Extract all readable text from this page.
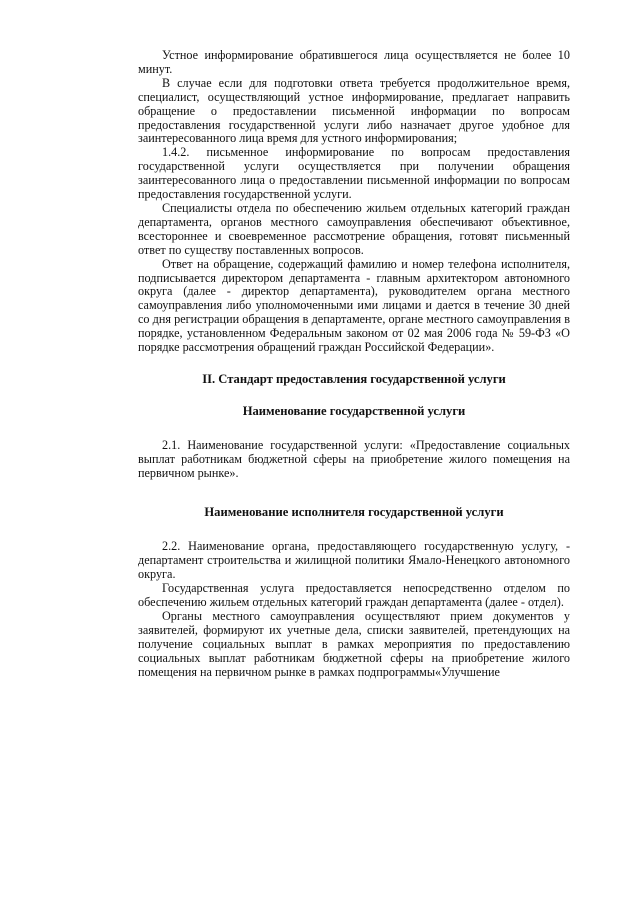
Устное информирование обратившегося лица осуществляется не более 10 минут.

В случае если для подготовки ответа требуется продолжительное время, специалист, осуществляющий устное информирование, предлагает направить обращение о предоставлении письменной информации по вопросам предоставления государственной услуги либо назначает другое удобное для заинтересованного лица время для устного информирования;

1.4.2. письменное информирование по вопросам предоставления государственной услуги осуществляется при получении обращения заинтересованного лица о предоставлении письменной информации по вопросам предоставления государственной услуги.

Специалисты отдела по обеспечению жильем отдельных категорий граждан департамента, органов местного самоуправления обеспечивают объективное, всестороннее и своевременное рассмотрение обращения, готовят письменный ответ по существу поставленных вопросов.

Ответ на обращение, содержащий фамилию и номер телефона исполнителя, подписывается директором департамента - главным архитектором автономного округа (далее - директор департамента), руководителем органа местного самоуправления либо уполномоченными ими лицами и дается в течение 30 дней со дня регистрации обращения в департаменте, органе местного самоуправления в порядке, установленном Федеральным законом от 02 мая 2006 года № 59-ФЗ «О порядке рассмотрения обращений граждан Российской Федерации».

II. Стандарт предоставления государственной услуги

Наименование государственной услуги

2.1. Наименование государственной услуги: «Предоставление социальных выплат работникам бюджетной сферы на приобретение жилого помещения на первичном рынке».

Наименование исполнителя государственной услуги

2.2. Наименование органа, предоставляющего государственную услугу, - департамент строительства и жилищной политики Ямало-Ненецкого автономного округа.

Государственная услуга предоставляется непосредственно отделом по обеспечению жильем отдельных категорий граждан департамента (далее - отдел).

Органы местного самоуправления осуществляют прием документов у заявителей, формируют их учетные дела, списки заявителей, претендующих на получение социальных выплат в рамках мероприятия по предоставлению социальных выплат работникам бюджетной сферы на приобретение жилого помещения на первичном рынке в рамках подпрограммы«Улучшение
